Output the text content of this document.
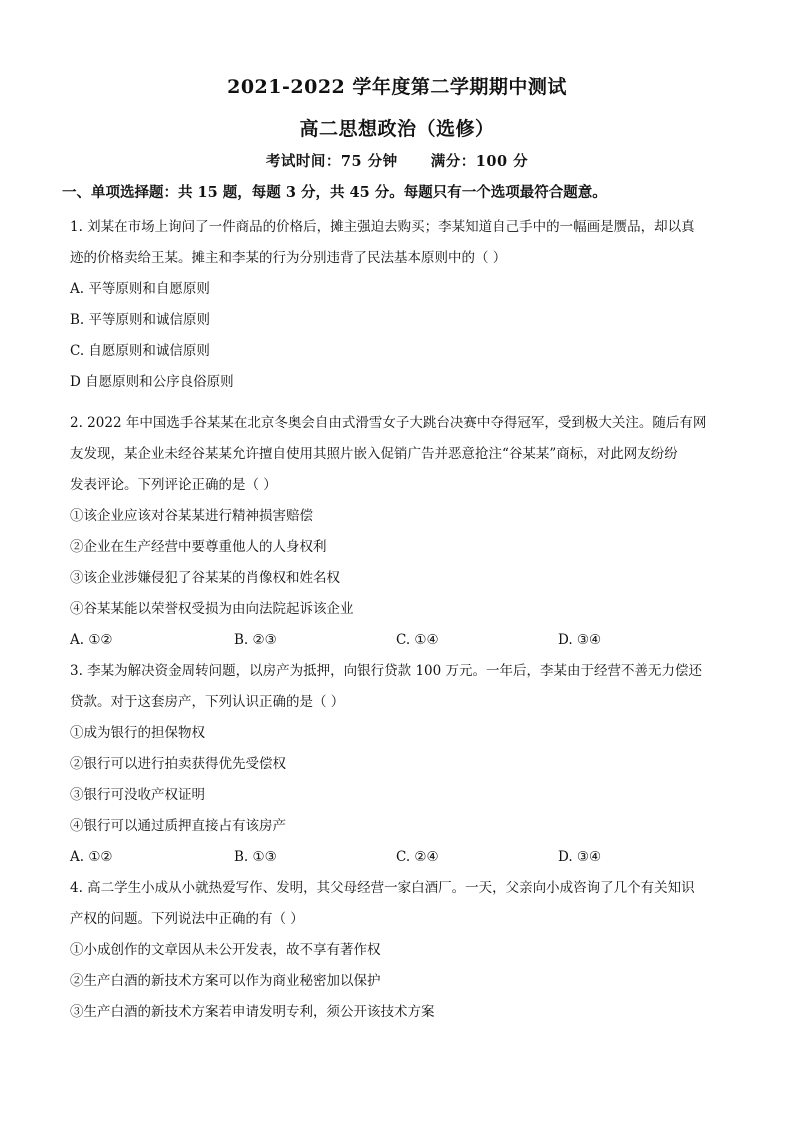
2021-2022 学年度第二学期期中测试
高二思想政治（选修）
考试时间：75 分钟 满分：100 分
一、单项选择题：共 15 题，每题 3 分，共 45 分。每题只有一个选项最符合题意。
1. 刘某在市场上询问了一件商品的价格后，摊主强迫去购买；李某知道自己手中的一幅画是赝品，却以真
迹的价格卖给王某。摊主和李某的行为分别违背了民法基本原则中的（ ）
A. 平等原则和自愿原则
B. 平等原则和诚信原则
C. 自愿原则和诚信原则
D 自愿原则和公序良俗原则
2. 2022 年中国选手谷某某在北京冬奥会自由式滑雪女子大跳台决赛中夺得冠军，受到极大关注。随后有网
友发现，某企业未经谷某某允许擅自使用其照片嵌入促销广告并恶意抢注“谷某某”商标，对此网友纷纷
发表评论。下列评论正确的是（ ）
①该企业应该对谷某某进行精神损害赔偿
②企业在生产经营中要尊重他人的人身权利
③该企业涉嫌侵犯了谷某某的肖像权和姓名权
④谷某某能以荣誉权受损为由向法院起诉该企业
A. ①②	B. ②③	C. ①④	D. ③④
3. 李某为解决资金周转问题，以房产为抵押，向银行贷款 100 万元。一年后，李某由于经营不善无力偿还
贷款。对于这套房产，下列认识正确的是（ ）
①成为银行的担保物权
②银行可以进行拍卖获得优先受偿权
③银行可没收产权证明
④银行可以通过质押直接占有该房产
A. ①②	B. ①③	C. ②④	D. ③④
4. 高二学生小成从小就热爱写作、发明，其父母经营一家白酒厂。一天，父亲向小成咨询了几个有关知识
产权的问题。下列说法中正确的有（ ）
①小成创作的文章因从未公开发表，故不享有著作权
②生产白酒的新技术方案可以作为商业秘密加以保护
③生产白酒的新技术方案若申请发明专利，须公开该技术方案
